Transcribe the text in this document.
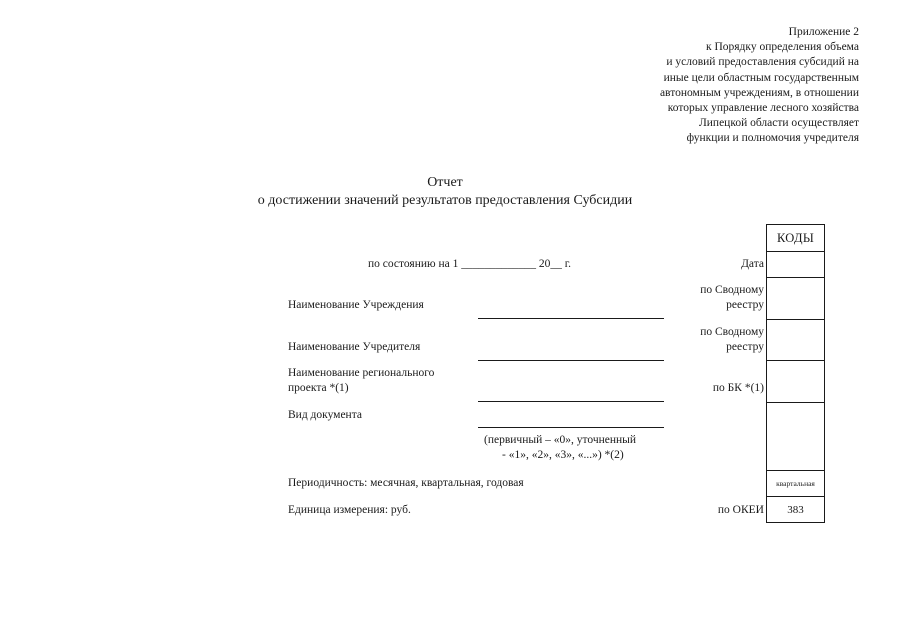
Приложение 2
к Порядку определения объема
и условий предоставления субсидий на
иные цели областным государственным
автономным учреждениям, в отношении
которых управление лесного хозяйства
Липецкой области осуществляет
функции и полномочия учредителя
Отчет
о достижении значений результатов предоставления Субсидии
по состоянию на 1 _____________ 20__ г.
Наименование Учреждения
Наименование Учредителя
Наименование регионального
проекта *(1)
Вид документа
(первичный – «0», уточненный
- «1», «2», «3», «...») *(2)
Периодичность: месячная, квартальная, годовая
Единица измерения: руб.
Дата
по Сводному
реестру
по Сводному
реестру
по БК *(1)
по ОКЕИ
КОДЫ
квартальная
383
